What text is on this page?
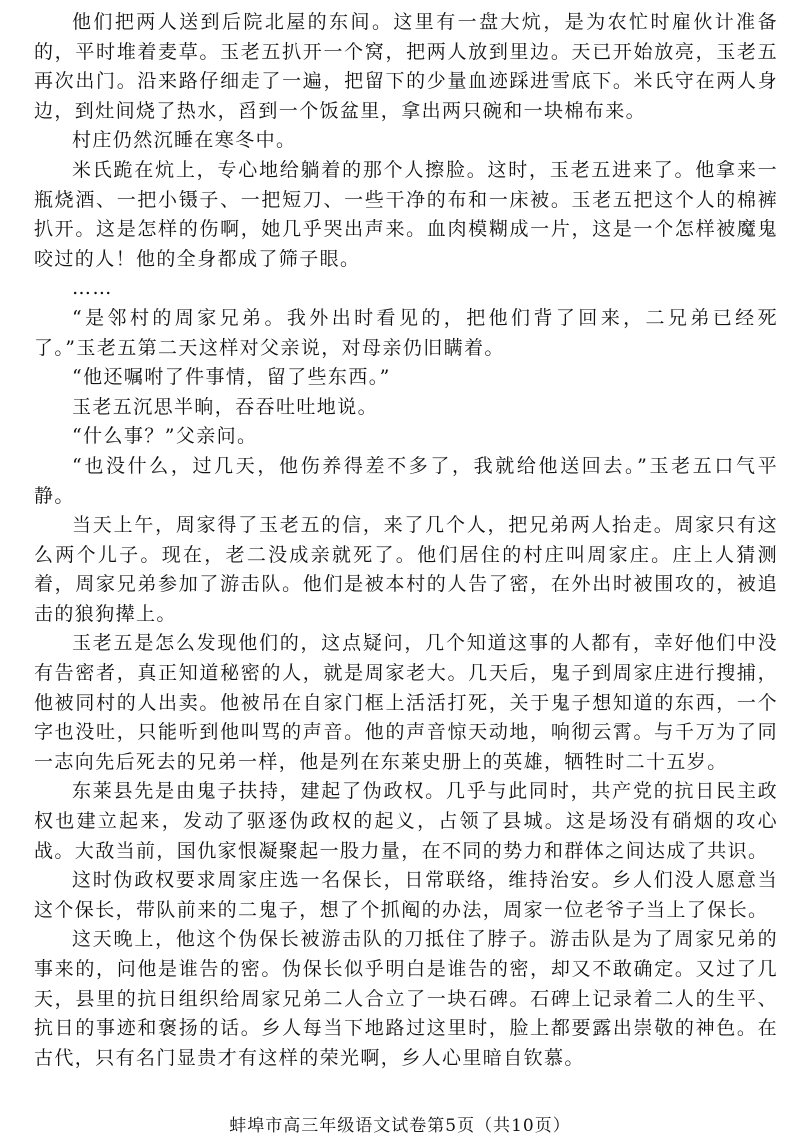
他们把两人送到后院北屋的东间。这里有一盘大炕，是为农忙时雇伙计准备的，平时堆着麦草。玉老五扒开一个窝，把两人放到里边。天已开始放亮，玉老五再次出门。沿来路仔细走了一遍，把留下的少量血迹踩进雪底下。米氏守在两人身边，到灶间烧了热水，舀到一个饭盆里，拿出两只碗和一块棉布来。

村庄仍然沉睡在寒冬中。

米氏跪在炕上，专心地给躺着的那个人擦脸。这时，玉老五进来了。他拿来一瓶烧酒、一把小镊子、一把短刀、一些干净的布和一床被。玉老五把这个人的棉裤扒开。这是怎样的伤啊，她几乎哭出声来。血肉模糊成一片，这是一个怎样被魔鬼咬过的人！他的全身都成了筛子眼。

……

“是邻村的周家兄弟。我外出时看见的，把他们背了回来，二兄弟已经死了。”玉老五第二天这样对父亲说，对母亲仍旧瞒着。

“他还嘱咐了件事情，留了些东西。”

玉老五沉思半晌，吞吞吐吐地说。

“什么事？”父亲问。

“也没什么，过几天，他伤养得差不多了，我就给他送回去。”玉老五口气平静。

当天上午，周家得了玉老五的信，来了几个人，把兄弟两人抬走。周家只有这么两个儿子。现在，老二没成亲就死了。他们居住的村庄叫周家庄。庄上人猜测着，周家兄弟参加了游击队。他们是被本村的人告了密，在外出时被围攻的，被追击的狼狗撵上。

玉老五是怎么发现他们的，这点疑问，几个知道这事的人都有，幸好他们中没有告密者，真正知道秘密的人，就是周家老大。几天后，鬼子到周家庄进行搜捕，他被同村的人出卖。他被吊在自家门框上活活打死，关于鬼子想知道的东西，一个字也没吐，只能听到他叫骂的声音。他的声音惊天动地，响彻云霄。与千万为了同一志向先后死去的兄弟一样，他是列在东莱史册上的英雄，牺牲时二十五岁。

东莱县先是由鬼子扶持，建起了伪政权。几乎与此同时，共产党的抗日民主政权也建立起来，发动了驱逐伪政权的起义，占领了县城。这是场没有硝烟的攻心战。大敌当前，国仇家恨凝聚起一股力量，在不同的势力和群体之间达成了共识。

这时伪政权要求周家庄选一名保长，日常联络，维持治安。乡人们没人愿意当这个保长，带队前来的二鬼子，想了个抓阄的办法，周家一位老爷子当上了保长。

这天晚上，他这个伪保长被游击队的刀抵住了脖子。游击队是为了周家兄弟的事来的，问他是谁告的密。伪保长似乎明白是谁告的密，却又不敢确定。又过了几天，县里的抗日组织给周家兄弟二人合立了一块石碑。石碑上记录着二人的生平、抗日的事迹和褒扬的话。乡人每当下地路过这里时，脸上都要露出崇敬的神色。在古代，只有名门显贵才有这样的荣光啊，乡人心里暗自钦慕。

蚌埠市高三年级语文试卷第5页（共10页）
